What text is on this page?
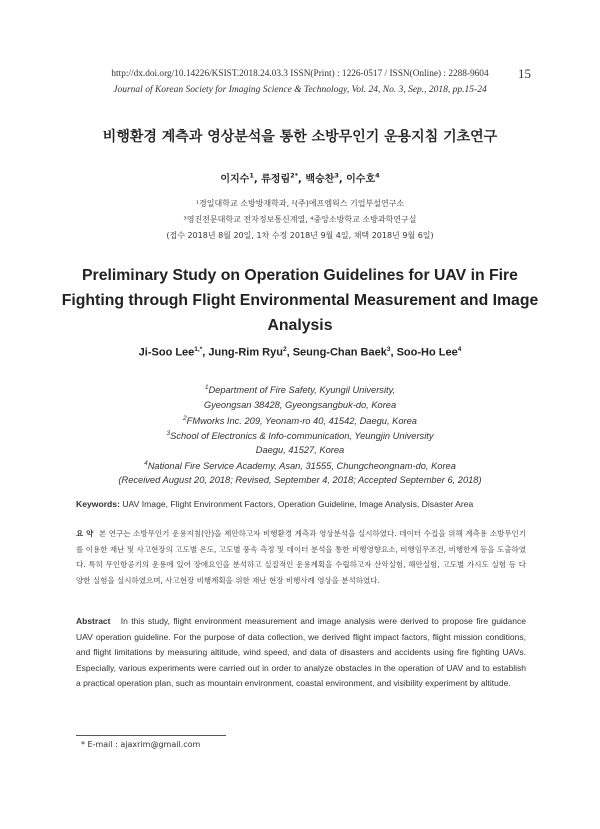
http://dx.doi.org/10.14226/KSIST.2018.24.03.3 ISSN(Print) : 1226-0517 / ISSN(Online) : 2288-9604	15
Journal of Korean Society for Imaging Science & Technology, Vol. 24, No. 3, Sep., 2018, pp.15-24
비행환경 계측과 영상분석을 통한 소방무인기 운용지침 기초연구
이지수$^1$, 류정림$^{2*}$, 백승찬$^3$, 이수호$^4$
¹경일대학교 소방방재학과, ²(주)에프엠웍스 기업부설연구소
³영진전문대학교 전자정보통신계열, ⁴중앙소방학교 소방과학연구실
(접수 2018년 8월 20일, 1차 수정 2018년 9월 4일, 채택 2018년 9월 6일)
Preliminary Study on Operation Guidelines for UAV in Fire
Fighting through Flight Environmental Measurement and Image
Analysis
Ji-Soo Lee$^{1,*}$, Jung-Rim Ryu$^2$, Seung-Chan Baek$^3$, Soo-Ho Lee$^4$
$^1$Department of Fire Safety, Kyungil University,
Gyeongsan 38428, Gyeongsangbuk-do, Korea
$^2$FMworks Inc. 209, Yeonam-ro 40, 41542, Daegu, Korea
$^3$School of Electronics & Info-communication, Yeungjin University
Daegu, 41527, Korea
$^4$National Fire Service Academy, Asan, 31555, Chungcheongnam-do, Korea
(Received August 20, 2018; Revised, September 4, 2018; Accepted September 6, 2018)
Keywords: UAV Image, Flight Environment Factors, Operation Guideline, Image Analysis, Disaster Area
요 약 본 연구는 소방무인기 운용지침(안)을 제안하고자 비행환경 계측과 영상분석을 실시하였다. 데이터 수집을 위해 계측용 소방무인기를 이용한 재난 및 사고현장의 고도별 온도, 고도별 풍속 측정 및 데이터 분석을 통한 비행영향요소, 비행임무조건, 비행한계 등을 도출하였다. 특히 무인항공기의 운용에 있어 장애요인을 분석하고 실질적인 운용계획을 수립하고자 산악실험, 해안실험, 고도별 가시도 실험 등 다양한 실험을 실시하였으며, 사고현장 비행계획을 위한 재난 현장 비행사례 영상을 분석하였다.
Abstract In this study, flight environment measurement and image analysis were derived to propose fire guidance UAV operation guideline. For the purpose of data collection, we derived flight impact factors, flight mission conditions, and flight limitations by measuring altitude, wind speed, and data of disasters and accidents using fire fighting UAVs. Especially, various experiments were carried out in order to analyze obstacles in the operation of UAV and to establish a practical operation plan, such as mountain environment, coastal environment, and visibility experiment by altitude.
* E-mail : ajaxrim@gmail.com
